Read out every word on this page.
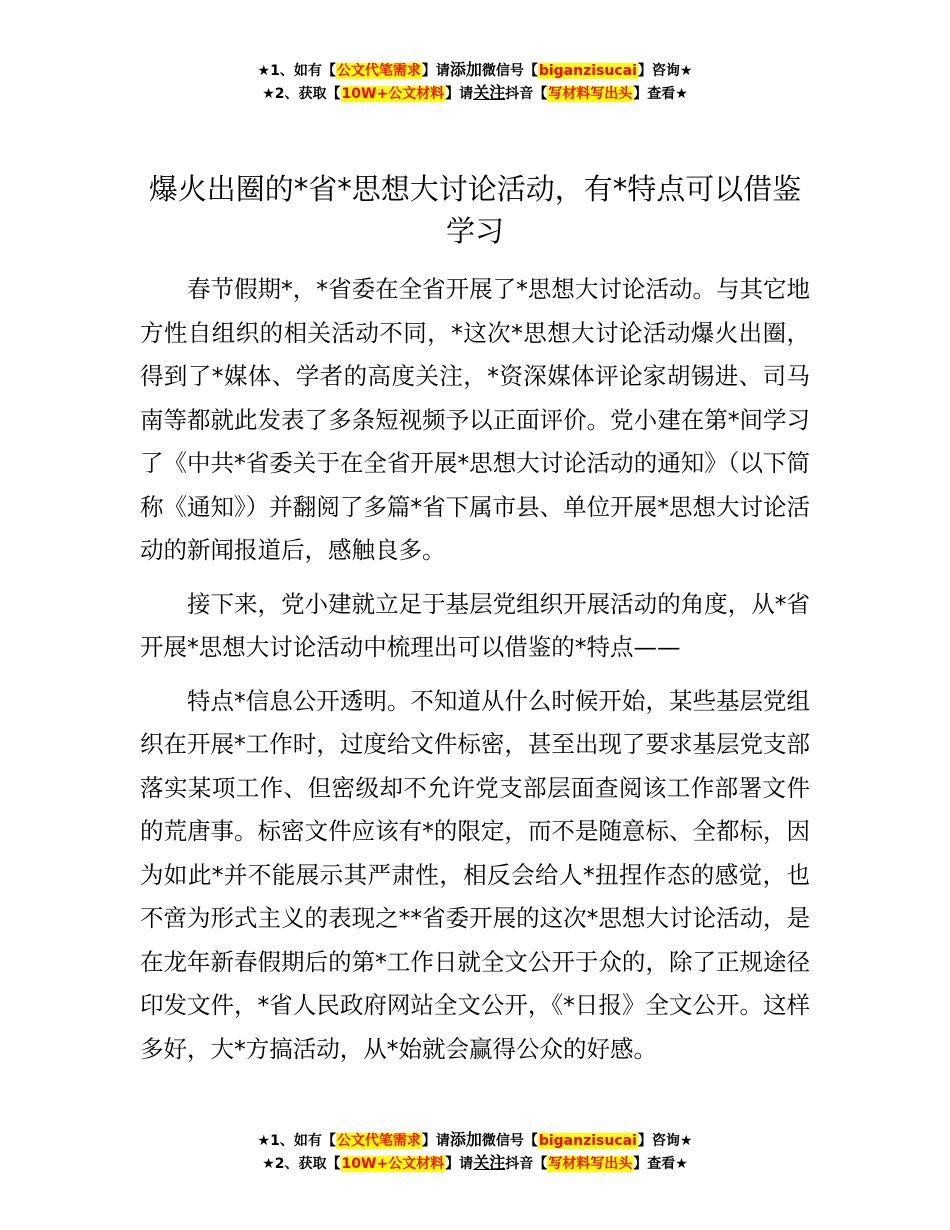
★1、如有【公文代笔需求】请添加微信号【biganzisucai】咨询★
★2、获取【10W+公文材料】请关注抖音【写材料写出头】查看★
爆火出圈的*省*思想大讨论活动，有*特点可以借鉴学习

春节假期*，*省委在全省开展了*思想大讨论活动。与其它地方性自组织的相关活动不同，*这次*思想大讨论活动爆火出圈，得到了*媒体、学者的高度关注，*资深媒体评论家胡锡进、司马南等都就此发表了多条短视频予以正面评价。党小建在第*间学习了《中共*省委关于在全省开展*思想大讨论活动的通知》（以下简称《通知》）并翻阅了多篇*省下属市县、单位开展*思想大讨论活动的新闻报道后，感触良多。

接下来，党小建就立足于基层党组织开展活动的角度，从*省开展*思想大讨论活动中梳理出可以借鉴的*特点——

特点*信息公开透明。不知道从什么时候开始，某些基层党组织在开展*工作时，过度给文件标密，甚至出现了要求基层党支部落实某项工作、但密级却不允许党支部层面查阅该工作部署文件的荒唐事。标密文件应该有*的限定，而不是随意标、全都标，因为如此*并不能展示其严肃性，相反会给人*扭捏作态的感觉，也不啻为形式主义的表现之**省委开展的这次*思想大讨论活动，是在龙年新春假期后的第*工作日就全文公开于众的，除了正规途径印发文件，*省人民政府网站全文公开，《*日报》全文公开。这样多好，大*方搞活动，从*始就会赢得公众的好感。

★1、如有【公文代笔需求】请添加微信号【biganzisucai】咨询★
★2、获取【10W+公文材料】请关注抖音【写材料写出头】查看★
